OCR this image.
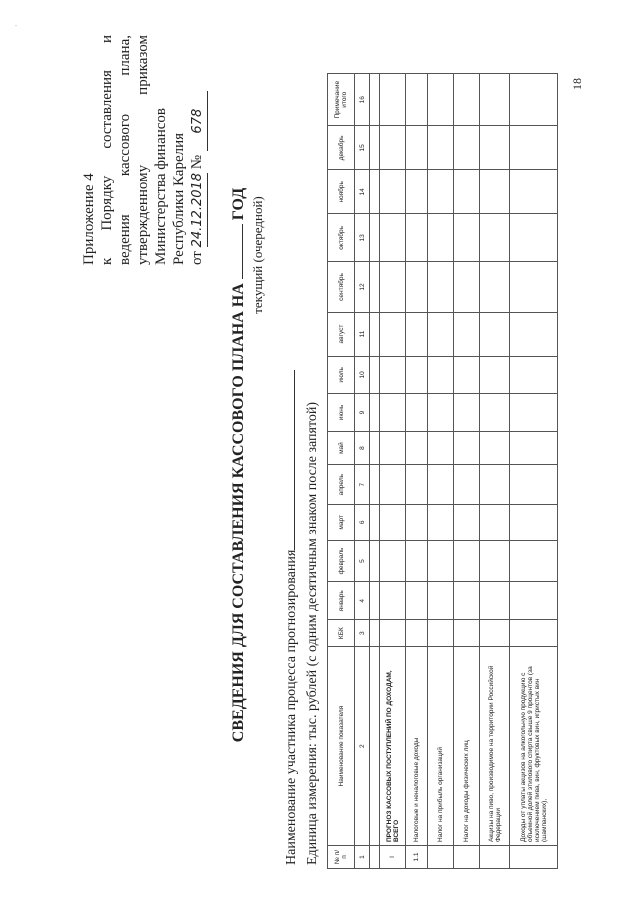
·
Приложение 4 к
Порядку
составления
и
ведения
кассового
плана,
утвержденному
приказом
Министерства финансов Республики Карелия от 24.12.2018 № 678
СВЕДЕНИЯ ДЛЯ СОСТАВЛЕНИЯ КАССОВОГО ПЛАНА НАГОД текущий (очередной)
Наименование участника процесса прогнозирования Единица измерения: тыс. рублей (с одним десятичным знаком после запятой) № п/п	Наименование показателя	КБК	январь	февраль	март	апрель	май	июнь	июль	август	сентябрь	октябрь	ноябрь	декабрь	Примечание итого
1	2	3	4	5	6	7	8	9	10	11	12	13	14	15	16

I	ПРОГНОЗ КАССОВЫХ ПОСТУПЛЕНИЙ ПО ДОХОДАМ, ВСЕГО														
1.1	Налоговые и неналоговые доходы														
	Налог на прибыль организаций														
	Налог на доходы физических лиц														
	Акцизы на пиво, производимое на территории Российской Федерации														
	Доходы от уплаты акцизов на алкогольную продукцию с объемной долей этилового спирта свыше 9 процентов (за исключением пива, вин, фруктовых вин, игристых вин (шампанских),														
18
